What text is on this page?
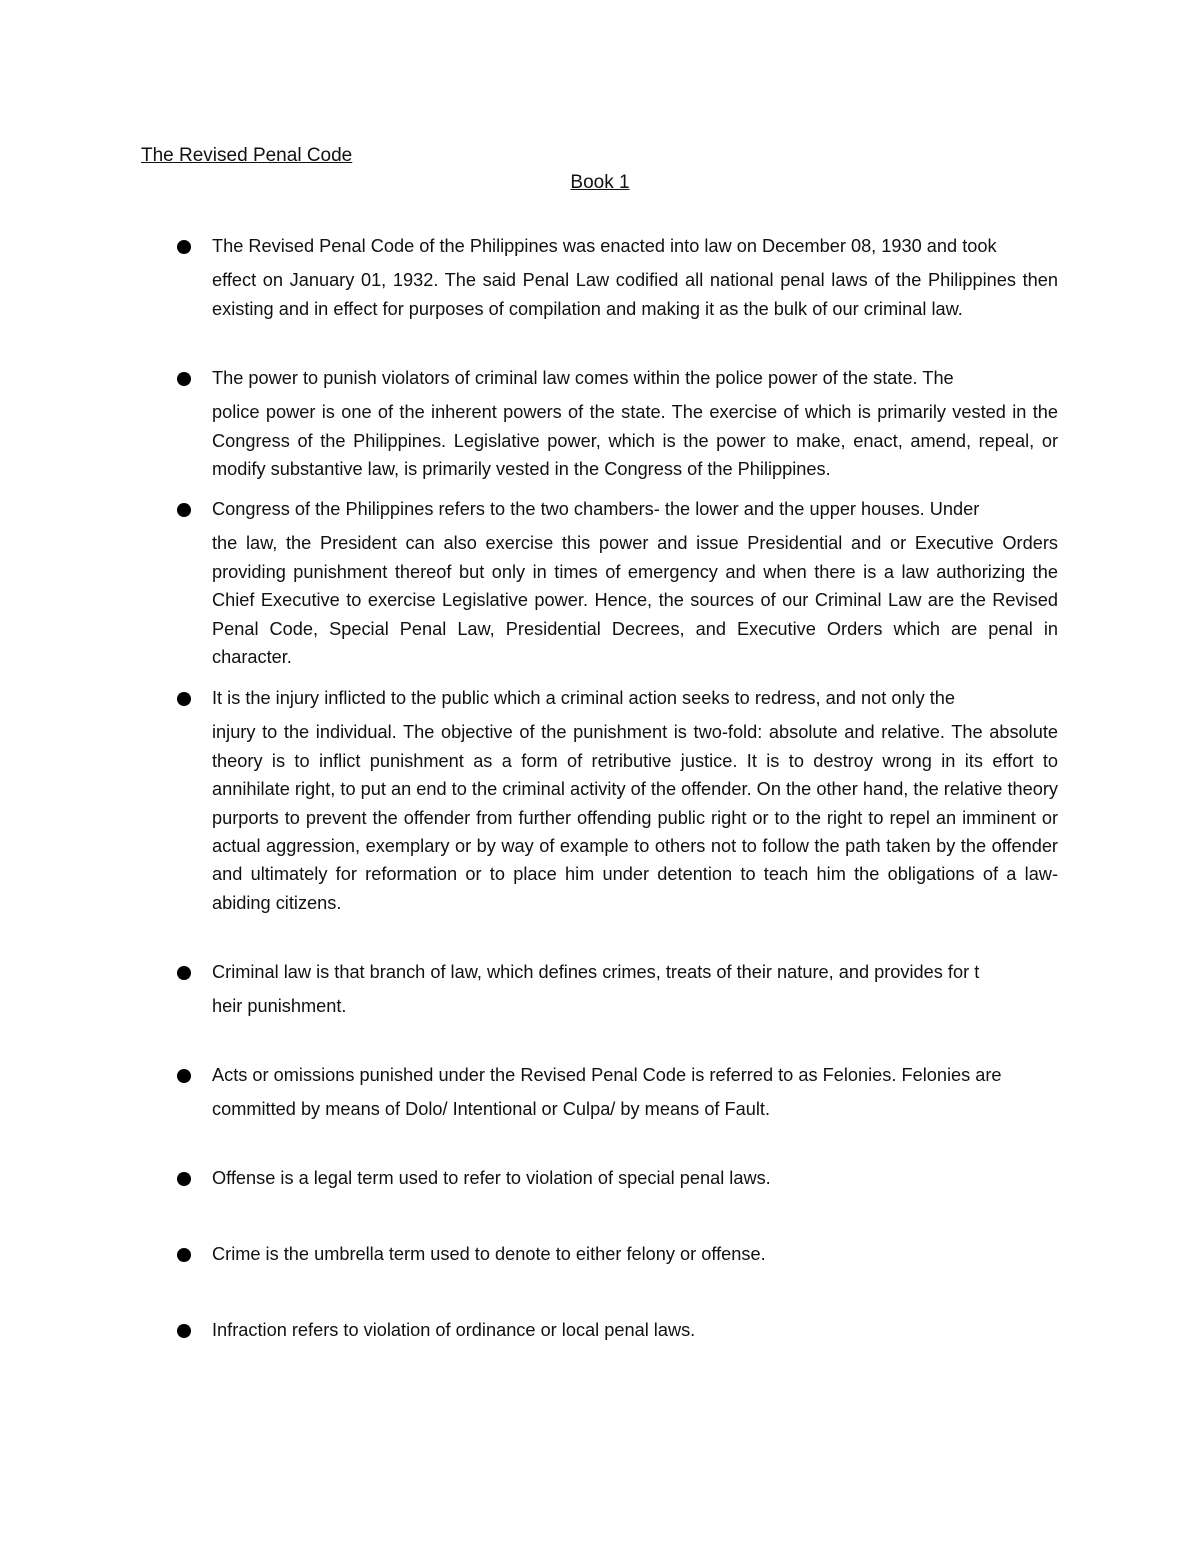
The Revised Penal Code

Book 1

The Revised Penal Code of the Philippines was enacted into law on December 08, 1930 and took
effect on January 01, 1932. The said Penal Law codified all national penal laws of the Philippines then existing and in effect for purposes of compilation and making it as the bulk of our criminal law.
The power to punish violators of criminal law comes within the police power of the state. The
police power is one of the inherent powers of the state. The exercise of which is primarily vested in the Congress of the Philippines. Legislative power, which is the power to make, enact, amend, repeal, or modify substantive law, is primarily vested in the Congress of the Philippines.
Congress of the Philippines refers to the two chambers- the lower and the upper houses. Under
the law, the President can also exercise this power and issue Presidential and or Executive Orders providing punishment thereof but only in times of emergency and when there is a law authorizing the Chief Executive to exercise Legislative power. Hence, the sources of our Criminal Law are the Revised Penal Code, Special Penal Law, Presidential Decrees, and Executive Orders which are penal in character.
It is the injury inflicted to the public which a criminal action seeks to redress, and not only the
injury to the individual. The objective of the punishment is two-fold: absolute and relative. The absolute theory is to inflict punishment as a form of retributive justice. It is to destroy wrong in its effort to annihilate right, to put an end to the criminal activity of the offender. On the other hand, the relative theory purports to prevent the offender from further offending public right or to the right to repel an imminent or actual aggression, exemplary or by way of example to others not to follow the path taken by the offender and ultimately for reformation or to place him under detention to teach him the obligations of a law-abiding citizens.
Criminal law is that branch of law, which defines crimes, treats of their nature, and provides for t
heir punishment.
Acts or omissions punished under the Revised Penal Code is referred to as Felonies. Felonies are
committed by means of Dolo/ Intentional or Culpa/ by means of Fault.
Offense is a legal term used to refer to violation of special penal laws.
Crime is the umbrella term used to denote to either felony or offense.
Infraction refers to violation of ordinance or local penal laws.
